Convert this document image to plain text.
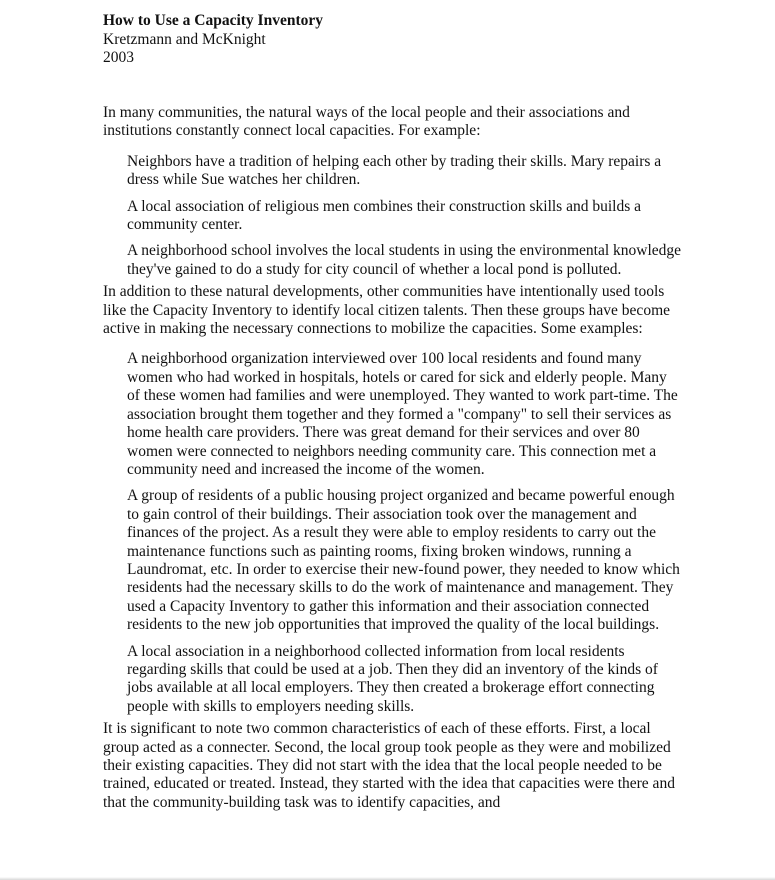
How to Use a Capacity Inventory

Kretzmann and McKnight

2003

In many communities, the natural ways of the local people and their associations and institutions constantly connect local capacities. For example:

Neighbors have a tradition of helping each other by trading their skills. Mary repairs a dress while Sue watches her children.

A local association of religious men combines their construction skills and builds a community center.

A neighborhood school involves the local students in using the environmental knowledge they've gained to do a study for city council of whether a local pond is polluted.

In addition to these natural developments, other communities have intentionally used tools like the Capacity Inventory to identify local citizen talents. Then these groups have become active in making the necessary connections to mobilize the capacities. Some examples:

A neighborhood organization interviewed over 100 local residents and found many women who had worked in hospitals, hotels or cared for sick and elderly people. Many of these women had families and were unemployed. They wanted to work part-time. The association brought them together and they formed a "company" to sell their services as home health care providers. There was great demand for their services and over 80 women were connected to neighbors needing community care. This connection met a community need and increased the income of the women.

A group of residents of a public housing project organized and became powerful enough to gain control of their buildings. Their association took over the management and finances of the project. As a result they were able to employ residents to carry out the maintenance functions such as painting rooms, fixing broken windows, running a Laundromat, etc. In order to exercise their new-found power, they needed to know which residents had the necessary skills to do the work of maintenance and management. They used a Capacity Inventory to gather this information and their association connected residents to the new job opportunities that improved the quality of the local buildings.

A local association in a neighborhood collected information from local residents regarding skills that could be used at a job. Then they did an inventory of the kinds of jobs available at all local employers. They then created a brokerage effort connecting people with skills to employers needing skills.

It is significant to note two common characteristics of each of these efforts. First, a local group acted as a connecter. Second, the local group took people as they were and mobilized their existing capacities. They did not start with the idea that the local people needed to be trained, educated or treated. Instead, they started with the idea that capacities were there and that the community-building task was to identify capacities, and
